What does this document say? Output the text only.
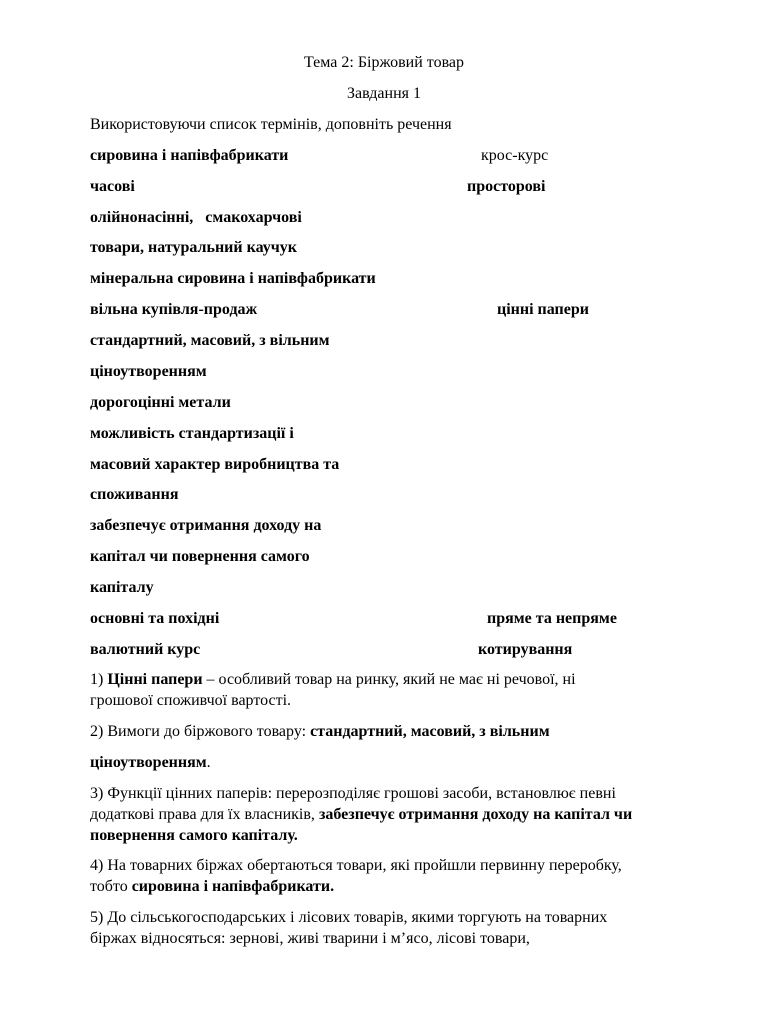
Тема 2: Біржовий товар
Завдання 1
Використовуючи список термінів, доповніть речення
сировина і напівфабрикати	крос-курс
часові	просторові
олійнонасінні,   смакохарчові
товари, натуральний каучук
мінеральна сировина і напівфабрикати
вільна купівля-продаж	цінні папери
стандартний, масовий, з вільним
ціноутворенням
дорогоцінні метали
можливість стандартизації і
масовий характер виробництва та
споживання
забезпечує отримання доходу на
капітал чи повернення самого
капіталу
основні та похідні	пряме та непряме
валютний курс	котирування
1) Цінні папери – особливий товар на ринку, який не має ні речової, ні
грошової споживчої вартості.
2) Вимоги до біржового товару: стандартний, масовий, з вільним
ціноутворенням.
3) Функції цінних паперів: перерозподіляє грошові засоби, встановлює певні
додаткові права для їх власників, забезпечує отримання доходу на капітал чи
повернення самого капіталу.
4) На товарних біржах обертаються товари, які пройшли первинну переробку,
тобто сировина і напівфабрикати.
5) До сільськогосподарських і лісових товарів, якими торгують на товарних
біржах відносяться: зернові, живі тварини і м’ясо, лісові товари,
